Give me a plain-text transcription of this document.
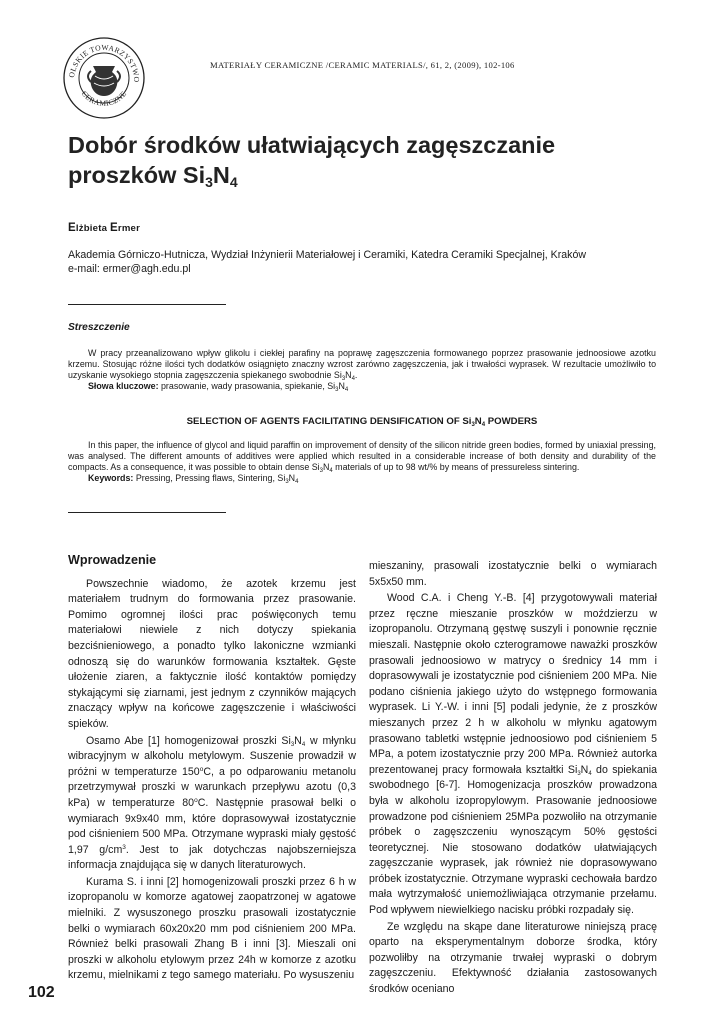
OLSKIE TOWARZYSTWO
CERAMICZNE
MATERIAŁY CERAMICZNE /CERAMIC MATERIALS/, 61, 2, (2009), 102-106
Dobór środków ułatwiających zagęszczanie
proszków $Si_3N_4$
Elżbieta Ermer
Akademia Górniczo-Hutnicza, Wydział Inżynierii Materiałowej i Ceramiki, Katedra Ceramiki Specjalnej, Kraków
e-mail: ermer@agh.edu.pl
Streszczenie

W pracy przeanalizowano wpływ glikolu i ciekłej parafiny na poprawę zagęszczenia formowanego poprzez prasowanie jednoosiowe azotku krzemu. Stosując różne ilości tych dodatków osiągnięto znaczny wzrost zarówno zagęszczenia, jak i trwałości wyprasek. W rezultacie umożliwiło to uzyskanie wysokiego stopnia zagęszczenia spiekanego swobodnie $Si_3N_4$.

Słowa kluczowe: prasowanie, wady prasowania, spiekanie, $Si_3N_4$

SELECTION OF AGENTS FACILITATING DENSIFICATION OF $Si_3N_4$ POWDERS

In this paper, the influence of glycol and liquid paraffin on improvement of density of the silicon nitride green bodies, formed by uniaxial pressing, was analysed. The different amounts of additives were applied which resulted in a considerable increase of both density and durability of the compacts. As a consequence, it was possible to obtain dense $Si_3N_4$ materials of up to 98 wt/% by means of pressureless sintering.

Keywords: Pressing, Pressing flaws, Sintering, $Si_3N_4$

Wprowadzenie

Powszechnie wiadomo, że azotek krzemu jest materiałem trudnym do formowania przez prasowanie. Pomimo ogromnej ilości prac poświęconych temu materiałowi niewiele z nich dotyczy spiekania bezciśnieniowego, a ponadto tylko lakoniczne wzmianki odnoszą się do warunków formowania kształtek. Gęste ułożenie ziaren, a faktycznie ilość kontaktów pomiędzy stykającymi się ziarnami, jest jednym z czynników mających znaczący wpływ na końcowe zagęszczenie i właściwości spieków.

Osamo Abe [1] homogenizował proszki $Si_3N_4$ w młynku wibracyjnym w alkoholu metylowym. Suszenie prowadził w próżni w temperaturze 150$^o$C, a po odparowaniu metanolu przetrzymywał proszki w warunkach przepływu azotu (0,3 kPa) w temperaturze 80$^o$C. Następnie prasował belki o wymiarach 9x9x40 mm, które doprasowywał izostatycznie pod ciśnieniem 500 MPa. Otrzymane wypraski miały gęstość 1,97 $g/cm^3$. Jest to jak dotychczas najobszerniejsza informacja znajdująca się w danych literaturowych.

Kurama S. i inni [2] homogenizowali proszki przez 6 h w izopropanolu w komorze agatowej zaopatrzonej w agatowe mielniki. Z wysuszonego proszku prasowali izostatycznie belki o wymiarach 60x20x20 mm pod ciśnieniem 200 MPa. Również belki prasowali Zhang B i inni [3]. Mieszali oni proszki w alkoholu etylowym przez 24h w komorze z azotku krzemu, mielnikami z tego samego materiału. Po wysuszeniu

mieszaniny, prasowali izostatycznie belki o wymiarach 5x5x50 mm.

Wood C.A. i Cheng Y.-B. [4] przygotowywali materiał przez ręczne mieszanie proszków w moździerzu w izopropanolu. Otrzymaną gęstwę suszyli i ponownie ręcznie mieszali. Następnie około czterogramowe naważki proszków prasowali jednoosiowo w matrycy o średnicy 14 mm i doprasowywali je izostatycznie pod ciśnieniem 200 MPa. Nie podano ciśnienia jakiego użyto do wstępnego formowania wyprasek. Li Y.-W. i inni [5] podali jedynie, że z proszków mieszanych przez 2 h w alkoholu w młynku agatowym prasowano tabletki wstępnie jednoosiowo pod ciśnieniem 5 MPa, a potem izostatycznie przy 200 MPa. Również autorka prezentowanej pracy formowała kształtki $Si_3N_4$ do spiekania swobodnego [6-7]. Homogenizacja proszków prowadzona była w alkoholu izopropylowym. Prasowanie jednoosiowe prowadzone pod ciśnieniem 25MPa pozwoliło na otrzymanie próbek o zagęszczeniu wynoszącym 50% gęstości teoretycznej. Nie stosowano dodatków ułatwiających zagęszczanie wyprasek, jak również nie doprasowywano próbek izostatycznie. Otrzymane wypraski cechowała bardzo mała wytrzymałość uniemożliwiająca otrzymanie przełamu. Pod wpływem niewielkiego nacisku próbki rozpadały się.

Ze względu na skąpe dane literaturowe niniejszą pracę oparto na eksperymentalnym doborze środka, który pozwoliłby na otrzymanie trwałej wypraski o dobrym zagęszczeniu. Efektywność działania zastosowanych środków oceniano

102
